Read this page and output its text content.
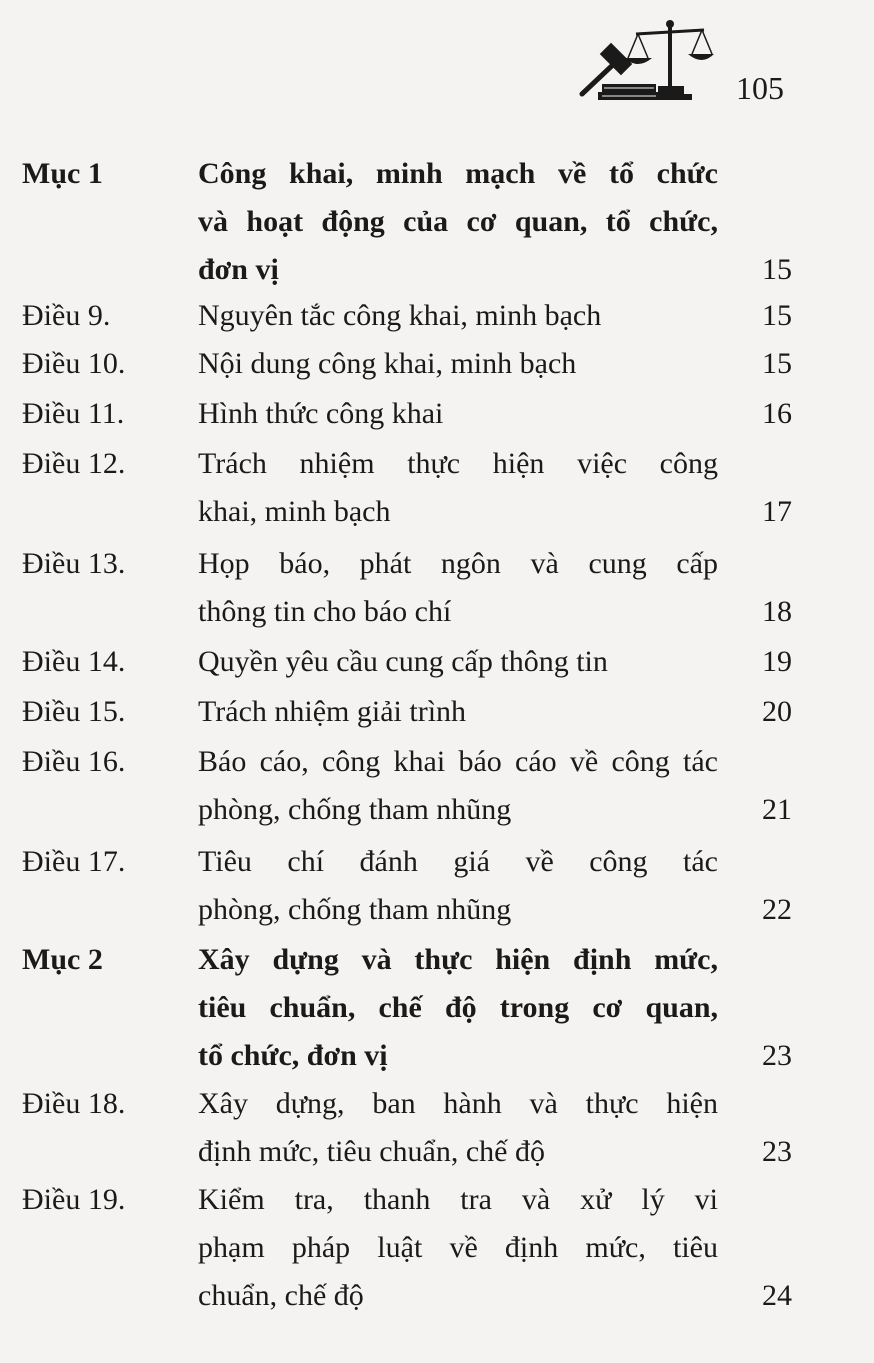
105
Mục 1	Công khai, minh mạch về tổ chức
và hoạt động của cơ quan, tổ chức,
đơn vị	15
Điều 9.	Nguyên tắc công khai, minh bạch	15
Điều 10. Nội dung công khai, minh bạch	15
Điều 11. Hình thức công khai	16
Điều 12. Trách nhiệm thực hiện việc công
khai, minh bạch	17
Điều 13. Họp báo, phát ngôn và cung cấp
thông tin cho báo chí	18
Điều 14. Quyền yêu cầu cung cấp thông tin	19
Điều 15. Trách nhiệm giải trình	20
Điều 16. Báo cáo, công khai báo cáo về công tác
phòng, chống tham nhũng	21
Điều 17. Tiêu chí đánh giá về công tác
phòng, chống tham nhũng	22
Mục 2	Xây dựng và thực hiện định mức,
tiêu chuẩn, chế độ trong cơ quan,
tổ chức, đơn vị	23
Điều 18. Xây dựng, ban hành và thực hiện
định mức, tiêu chuẩn, chế độ	23
Điều 19. Kiểm tra, thanh tra và xử lý vi
phạm pháp luật về định mức, tiêu
chuẩn, chế độ	24
